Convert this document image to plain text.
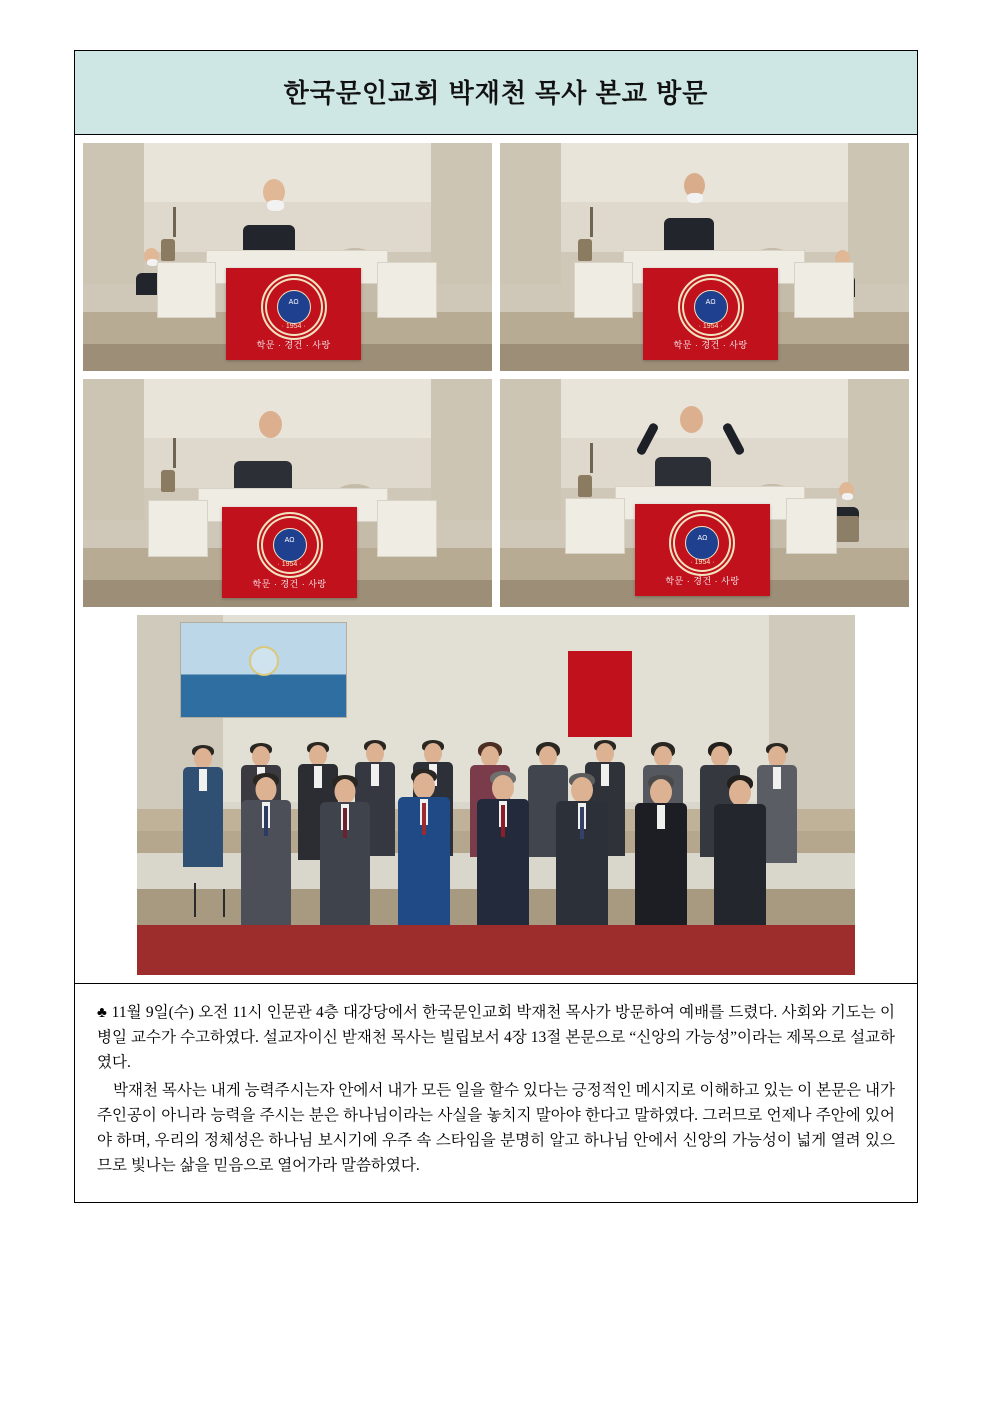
한국문인교회 박재천 목사 본교 방문
AΩ
· 1954 ·
학문 · 경건 · 사랑
AΩ
· 1954 ·
학문 · 경건 · 사랑
AΩ
· 1954 ·
학문 · 경건 · 사랑
AΩ
· 1954 ·
학문 · 경건 · 사랑

♣ 11월 9일(수) 오전 11시 인문관 4층 대강당에서 한국문인교회 박재천 목사가 방문하여 예배를 드렸다. 사회와 기도는 이병일 교수가 수고하였다. 설교자이신 받재천 목사는 빌립보서 4장 13절 본문으로 “신앙의 가능성”이라는 제목으로 설교하였다.

박재천 목사는 내게 능력주시는자 안에서 내가 모든 일을 할수 있다는 긍정적인 메시지로 이해하고 있는 이 본문은 내가 주인공이 아니라 능력을 주시는 분은 하나님이라는 사실을 놓치지 말아야 한다고 말하였다. 그러므로 언제나 주안에 있어야 하며, 우리의 정체성은 하나님 보시기에 우주 속 스타임을 분명히 알고 하나님 안에서 신앙의 가능성이 넓게 열려 있으므로 빛나는 삶을 믿음으로 열어가라 말씀하였다.
